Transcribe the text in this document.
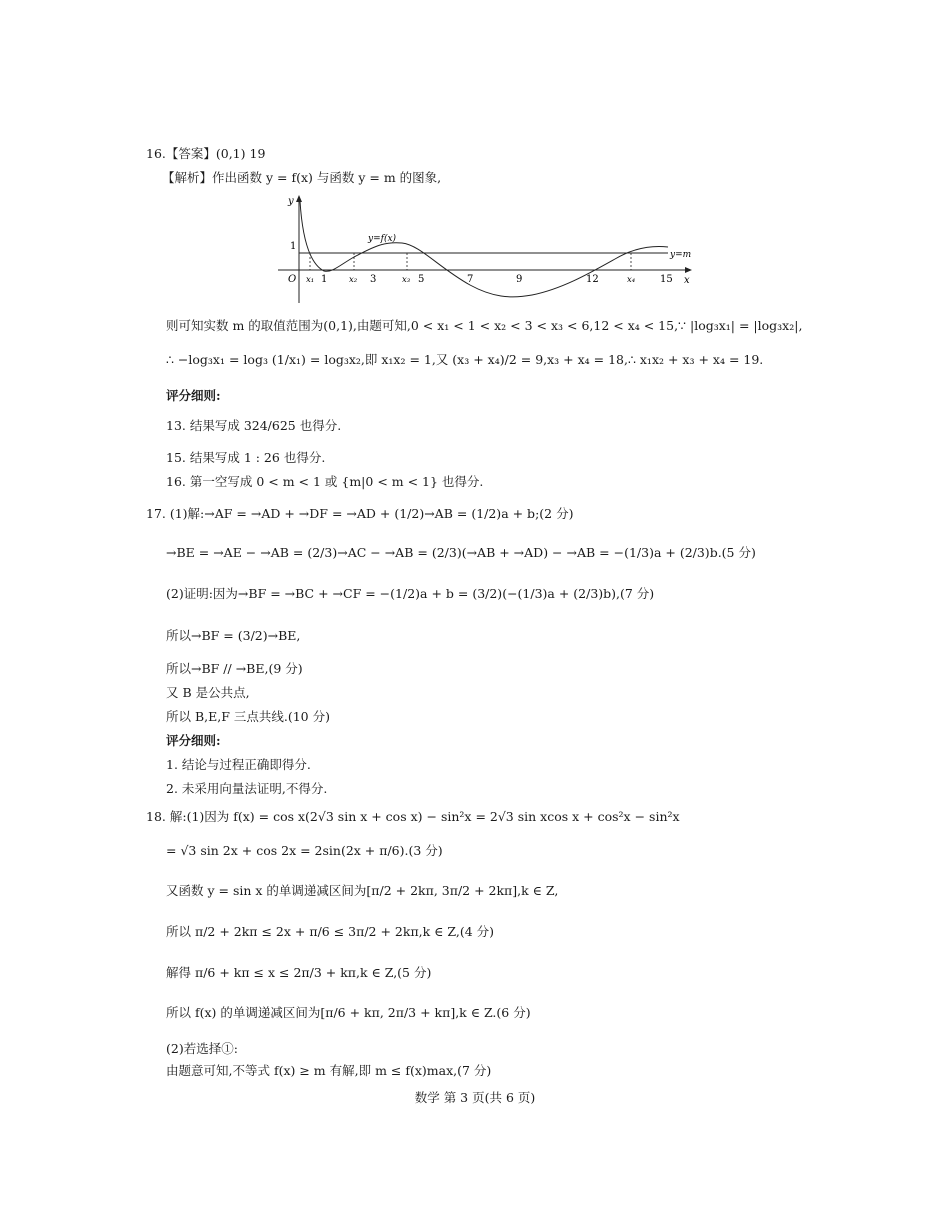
16.【答案】(0,1) 19
【解析】作出函数 y = f(x) 与函数 y = m 的图象,
y
x
O
1
y=m
y=f(x)
x₁ 1	x₂ 3	x₃ 5	7	9	12	x₄ 15
则可知实数 m 的取值范围为(0,1),由题可知,0 < x₁ < 1 < x₂ < 3 < x₃ < 6,12 < x₄ < 15,∵ |log₃x₁| = |log₃x₂|,
∴ −log₃x₁ = log₃ (1/x₁) = log₃x₂,即 x₁x₂ = 1,又 (x₃ + x₄)/2 = 9,x₃ + x₄ = 18,∴ x₁x₂ + x₃ + x₄ = 19.
评分细则:
13. 结果写成 324/625 也得分.
15. 结果写成 1 : 26 也得分.
16. 第一空写成 0 < m < 1 或 {m|0 < m < 1} 也得分.
17. (1)解:→AF = →AD + →DF = →AD + (1/2)→AB = (1/2)a + b;(2 分)
→BE = →AE − →AB = (2/3)→AC − →AB = (2/3)(→AB + →AD) − →AB = −(1/3)a + (2/3)b.(5 分)
(2)证明:因为→BF = →BC + →CF = −(1/2)a + b = (3/2)(−(1/3)a + (2/3)b),(7 分)
所以→BF = (3/2)→BE,
所以→BF // →BE,(9 分)
又 B 是公共点,
所以 B,E,F 三点共线.(10 分)
评分细则:
1. 结论与过程正确即得分.
2. 未采用向量法证明,不得分.
18. 解:(1)因为 f(x) = cos x(2√3 sin x + cos x) − sin²x = 2√3 sin xcos x + cos²x − sin²x
= √3 sin 2x + cos 2x = 2sin(2x + π/6).(3 分)
又函数 y = sin x 的单调递减区间为[π/2 + 2kπ, 3π/2 + 2kπ],k ∈ Z,
所以 π/2 + 2kπ ≤ 2x + π/6 ≤ 3π/2 + 2kπ,k ∈ Z,(4 分)
解得 π/6 + kπ ≤ x ≤ 2π/3 + kπ,k ∈ Z,(5 分)
所以 f(x) 的单调递减区间为[π/6 + kπ, 2π/3 + kπ],k ∈ Z.(6 分)
(2)若选择①:
由题意可知,不等式 f(x) ≥ m 有解,即 m ≤ f(x)max,(7 分)
数学 第 3 页(共 6 页)
